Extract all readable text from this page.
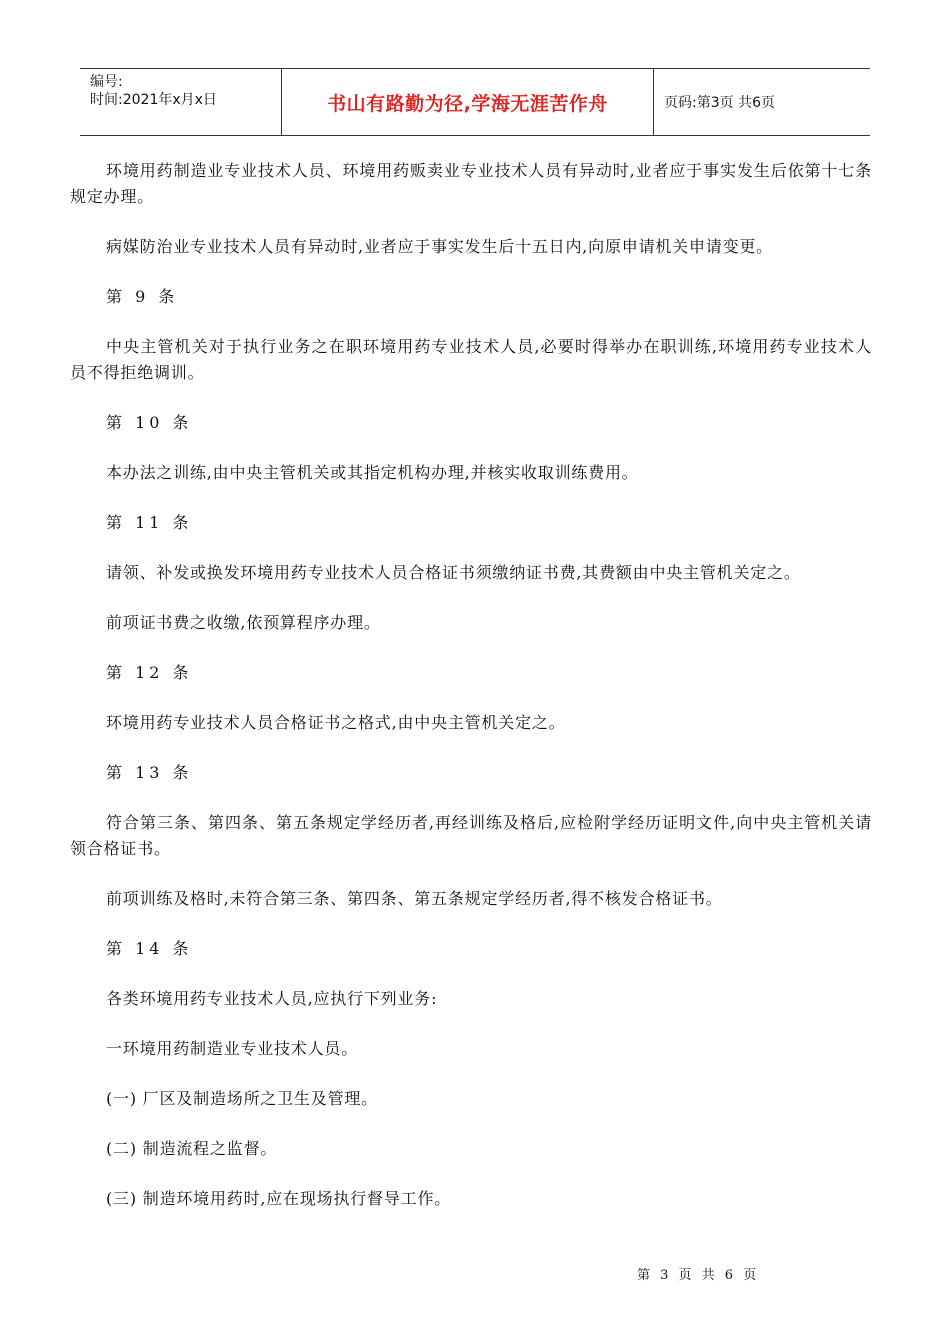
编号:
时间:2021年x月x日	书山有路勤为径,学海无涯苦作舟	页码:第3页 共6页

环境用药制造业专业技术人员、环境用药贩卖业专业技术人员有异动时,业者应于事实发生后依第十七条规定办理。

病媒防治业专业技术人员有异动时,业者应于事实发生后十五日内,向原申请机关申请变更。

第 9 条

中央主管机关对于执行业务之在职环境用药专业技术人员,必要时得举办在职训练,环境用药专业技术人员不得拒绝调训。

第 10 条

本办法之训练,由中央主管机关或其指定机构办理,并核实收取训练费用。

第 11 条

请领、补发或换发环境用药专业技术人员合格证书须缴纳证书费,其费额由中央主管机关定之。

前项证书费之收缴,依预算程序办理。

第 12 条

环境用药专业技术人员合格证书之格式,由中央主管机关定之。

第 13 条

符合第三条、第四条、第五条规定学经历者,再经训练及格后,应检附学经历证明文件,向中央主管机关请领合格证书。

前项训练及格时,未符合第三条、第四条、第五条规定学经历者,得不核发合格证书。

第 14 条

各类环境用药专业技术人员,应执行下列业务:

一环境用药制造业专业技术人员。

(一) 厂区及制造场所之卫生及管理。

(二) 制造流程之监督。

(三) 制造环境用药时,应在现场执行督导工作。

第 3 页 共 6 页
